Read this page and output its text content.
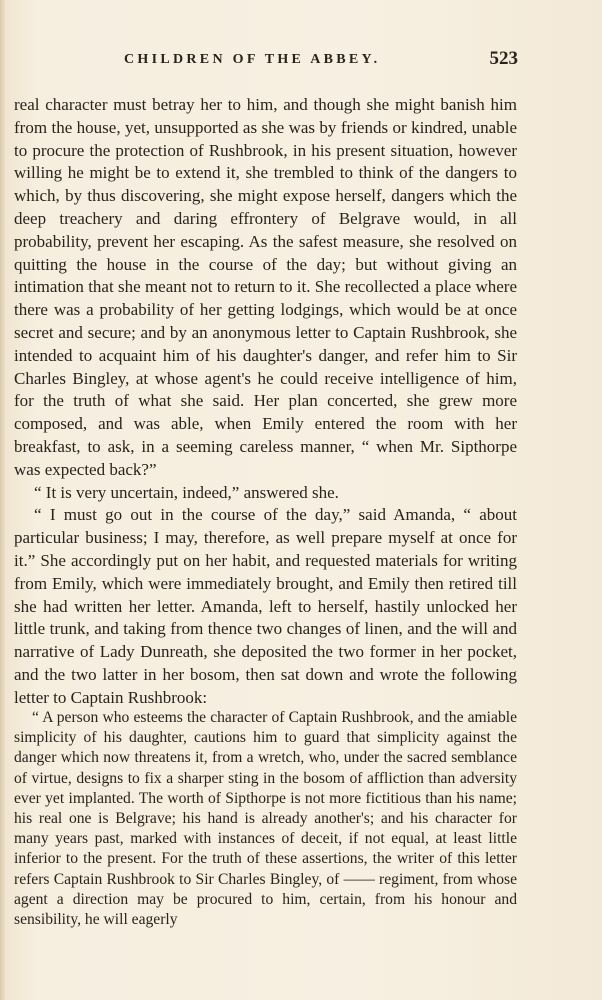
CHILDREN OF THE ABBEY.	523

real character must betray her to him, and though she might banish him from the house, yet, unsupported as she was by friends or kindred, unable to procure the protection of Rushbrook, in his present situation, however willing he might be to extend it, she trembled to think of the dangers to which, by thus discovering, she might expose herself, dangers which the deep treachery and daring effrontery of Belgrave would, in all probability, prevent her escaping. As the safest measure, she resolved on quitting the house in the course of the day; but without giving an intimation that she meant not to return to it. She recollected a place where there was a probability of her getting lodgings, which would be at once secret and secure; and by an anonymous letter to Captain Rushbrook, she intended to acquaint him of his daughter's danger, and refer him to Sir Charles Bingley, at whose agent's he could receive intelligence of him, for the truth of what she said. Her plan concerted, she grew more composed, and was able, when Emily entered the room with her breakfast, to ask, in a seeming careless manner, “ when Mr. Sipthorpe was expected back?”

“ It is very uncertain, indeed,” answered she.

“ I must go out in the course of the day,” said Amanda, “ about particular business; I may, therefore, as well prepare myself at once for it.” She accordingly put on her habit, and requested materials for writing from Emily, which were immediately brought, and Emily then retired till she had written her letter. Amanda, left to herself, hastily unlocked her little trunk, and taking from thence two changes of linen, and the will and narrative of Lady Dunreath, she deposited the two former in her pocket, and the two latter in her bosom, then sat down and wrote the following letter to Captain Rushbrook:

“ A person who esteems the character of Captain Rushbrook, and the amiable simplicity of his daughter, cautions him to guard that simplicity against the danger which now threatens it, from a wretch, who, under the sacred semblance of virtue, designs to fix a sharper sting in the bosom of affliction than adversity ever yet implanted. The worth of Sipthorpe is not more fictitious than his name; his real one is Belgrave; his hand is already another's; and his character for many years past, marked with instances of deceit, if not equal, at least little inferior to the present. For the truth of these assertions, the writer of this letter refers Captain Rushbrook to Sir Charles Bingley, of —— regiment, from whose agent a direction may be procured to him, certain, from his honour and sensibility, he will eagerly
